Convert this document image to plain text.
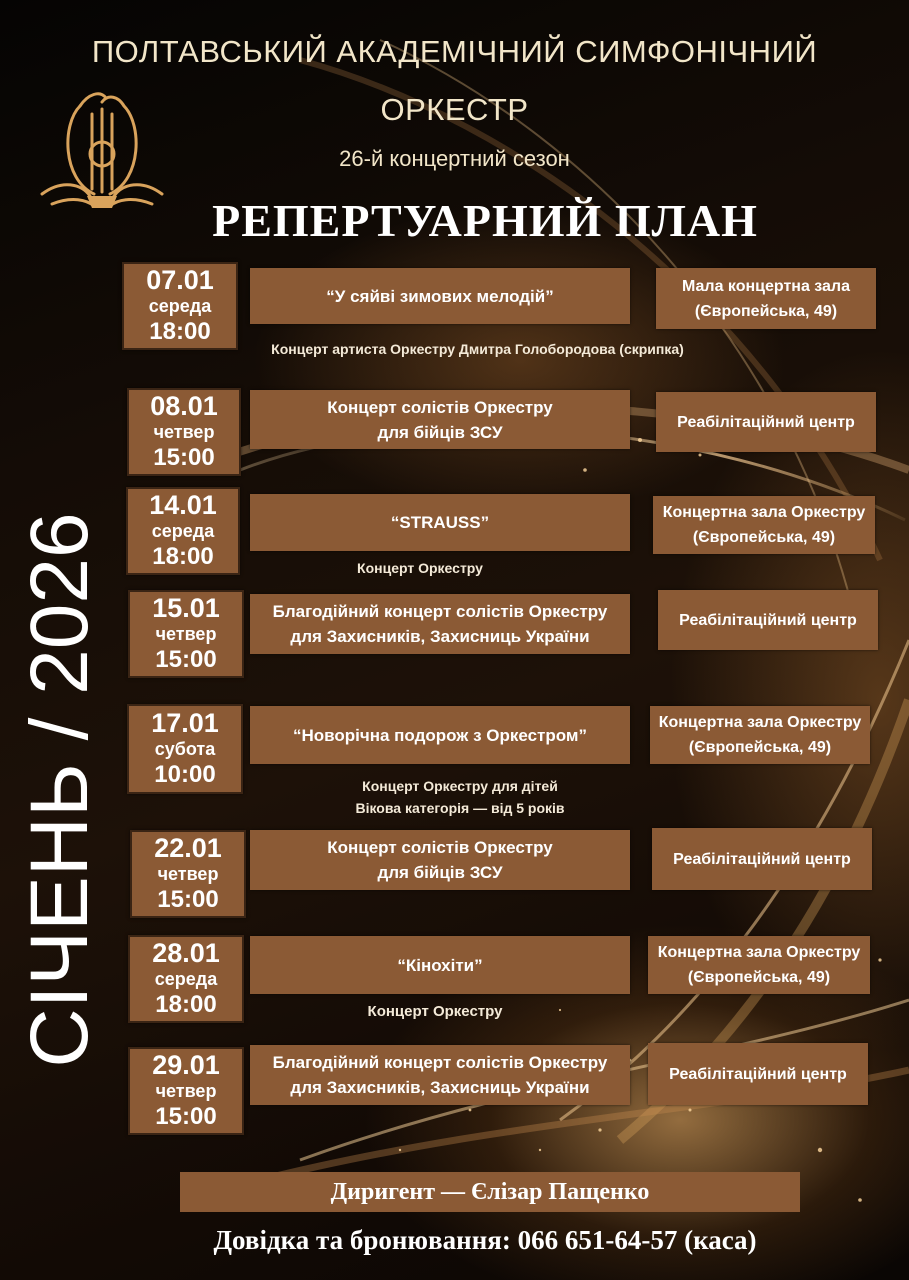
ПОЛТАВСЬКИЙ АКАДЕМІЧНИЙ СИМФОНІЧНИЙ
ОРКЕСТР
26-й концертний сезон
РЕПЕРТУАРНИЙ ПЛАН
СІЧЕНЬ / 2026
07.01
середа
18:00
“У сяйві зимових мелодій”
Мала концертна зала
(Європейська, 49)
Концерт артиста Оркестру Дмитра Голобородова (скрипка)
08.01
четвер
15:00
Концерт солістів Оркестру
для бійців ЗСУ
Реабілітаційний центр
14.01
середа
18:00
“STRAUSS”
Концертна зала Оркестру
(Європейська, 49)
Концерт Оркестру
15.01
четвер
15:00
Благодійний концерт солістів Оркестру
для Захисників, Захисниць України
Реабілітаційний центр
17.01
субота
10:00
“Новорічна подорож з Оркестром”
Концертна зала Оркестру
(Європейська, 49)
Концерт Оркестру для дітей
Вікова категорія — від 5 років
22.01
четвер
15:00
Концерт солістів Оркестру
для бійців ЗСУ
Реабілітаційний центр
28.01
середа
18:00
“Кінохіти”
Концертна зала Оркестру
(Європейська, 49)
Концерт Оркестру
29.01
четвер
15:00
Благодійний концерт солістів Оркестру
для Захисників, Захисниць України
Реабілітаційний центр
Диригент — Єлізар Пащенко
Довідка та бронювання: 066 651-64-57 (каса)
